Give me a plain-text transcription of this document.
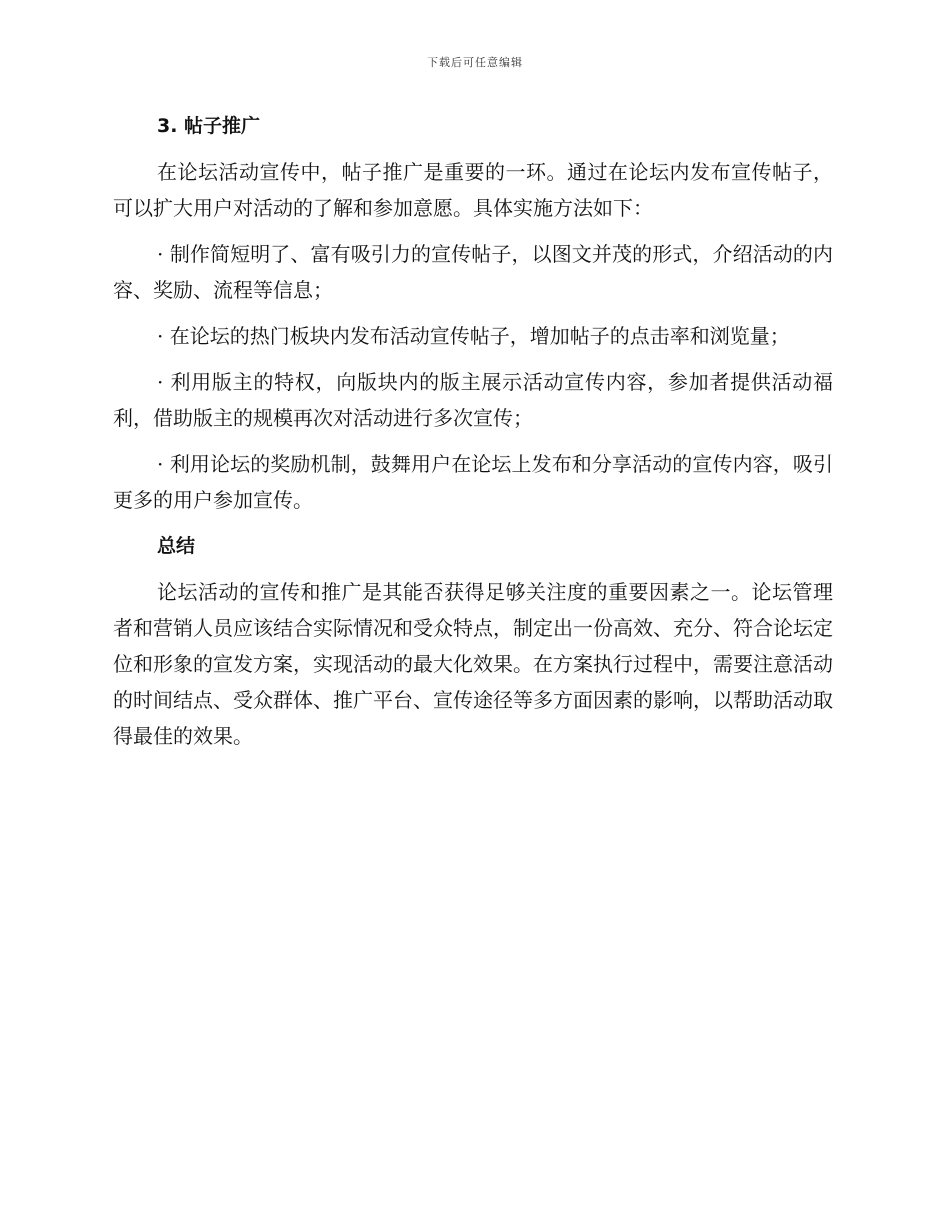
下载后可任意编辑
3. 帖子推广

在论坛活动宣传中，帖子推广是重要的一环。通过在论坛内发布宣传帖子，可以扩大用户对活动的了解和参加意愿。具体实施方法如下：

· 制作简短明了、富有吸引力的宣传帖子，以图文并茂的形式，介绍活动的内容、奖励、流程等信息；

· 在论坛的热门板块内发布活动宣传帖子，增加帖子的点击率和浏览量；

· 利用版主的特权，向版块内的版主展示活动宣传内容，参加者提供活动福利，借助版主的规模再次对活动进行多次宣传；

· 利用论坛的奖励机制，鼓舞用户在论坛上发布和分享活动的宣传内容，吸引更多的用户参加宣传。

总结

论坛活动的宣传和推广是其能否获得足够关注度的重要因素之一。论坛管理者和营销人员应该结合实际情况和受众特点，制定出一份高效、充分、符合论坛定位和形象的宣发方案，实现活动的最大化效果。在方案执行过程中，需要注意活动的时间结点、受众群体、推广平台、宣传途径等多方面因素的影响，以帮助活动取得最佳的效果。
